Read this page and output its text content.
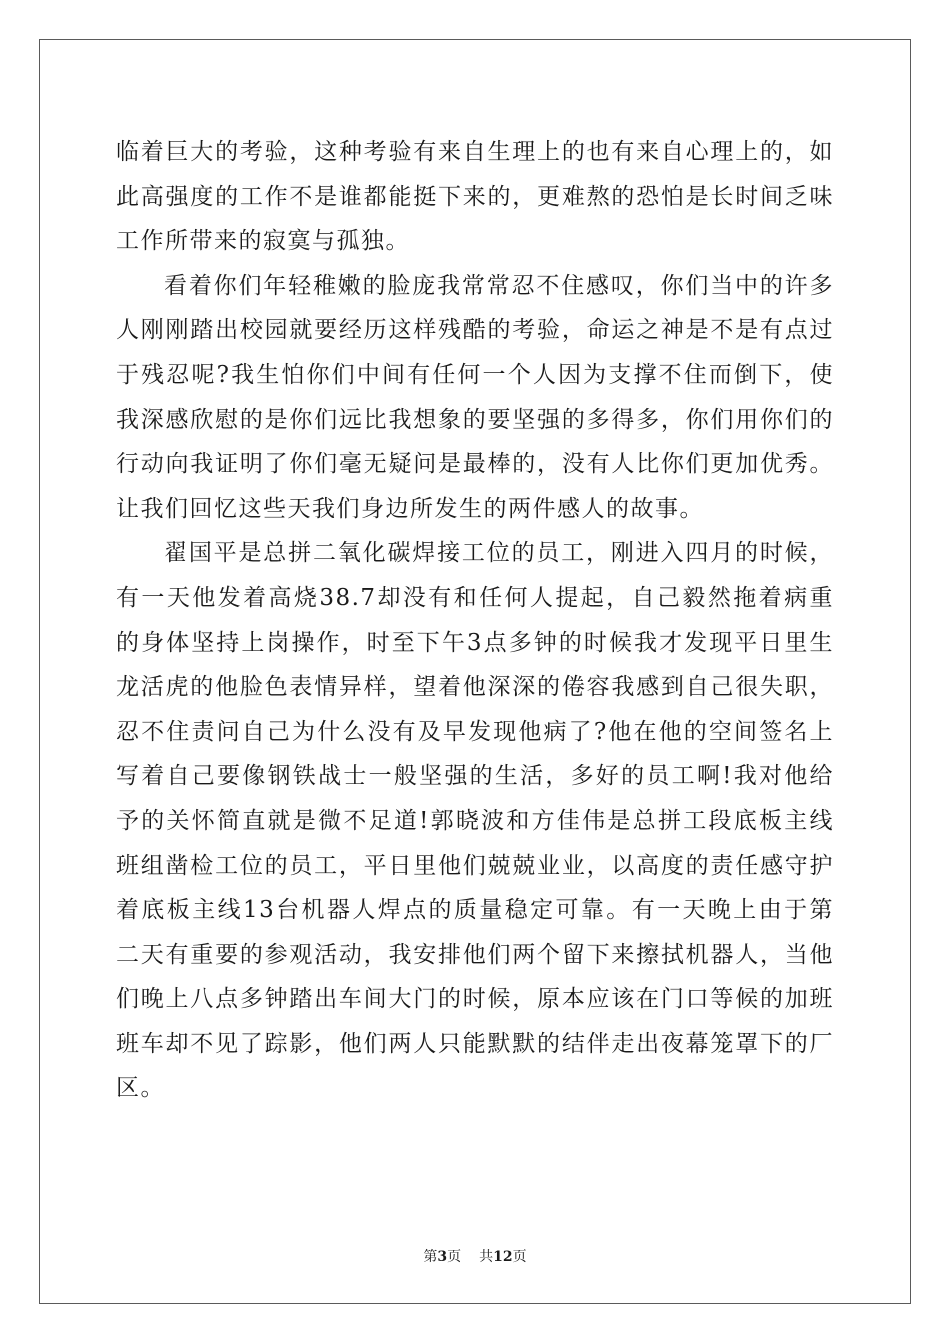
临着巨大的考验，这种考验有来自生理上的也有来自心理上的，如此高强度的工作不是谁都能挺下来的，更难熬的恐怕是长时间乏味工作所带来的寂寞与孤独。

看着你们年轻稚嫩的脸庞我常常忍不住感叹，你们当中的许多人刚刚踏出校园就要经历这样残酷的考验，命运之神是不是有点过于残忍呢?我生怕你们中间有任何一个人因为支撑不住而倒下，使我深感欣慰的是你们远比我想象的要坚强的多得多，你们用你们的行动向我证明了你们毫无疑问是最棒的，没有人比你们更加优秀。让我们回忆这些天我们身边所发生的两件感人的故事。

翟国平是总拼二氧化碳焊接工位的员工，刚进入四月的时候，有一天他发着高烧38.7却没有和任何人提起，自己毅然拖着病重的身体坚持上岗操作，时至下午3点多钟的时候我才发现平日里生龙活虎的他脸色表情异样，望着他深深的倦容我感到自己很失职，忍不住责问自己为什么没有及早发现他病了?他在他的空间签名上写着自己要像钢铁战士一般坚强的生活，多好的员工啊!我对他给予的关怀简直就是微不足道!郭晓波和方佳伟是总拼工段底板主线班组凿检工位的员工，平日里他们兢兢业业，以高度的责任感守护着底板主线13台机器人焊点的质量稳定可靠。有一天晚上由于第二天有重要的参观活动，我安排他们两个留下来擦拭机器人，当他们晚上八点多钟踏出车间大门的时候，原本应该在门口等候的加班班车却不见了踪影，他们两人只能默默的结伴走出夜幕笼罩下的厂区。

第3页 共12页
